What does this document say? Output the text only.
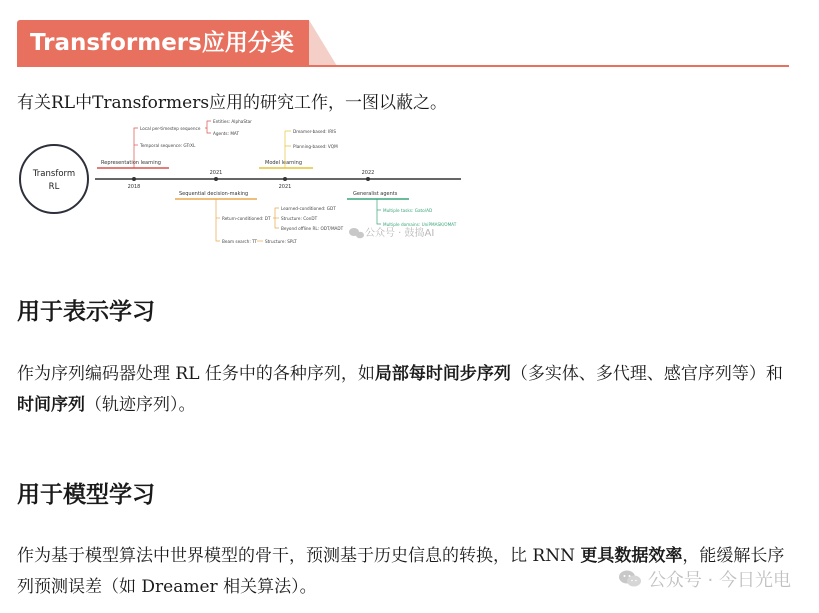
Transformers应用分类
有关RL中Transformers应用的研究工作，一图以蔽之。
Transform
RL	2018
2021
2021
2022
Representation learning
Local per-timestep sequence
Temporal sequence: GTrXL
Entities: AlphaStar
Agents: MAT
Sequential decision-making
Return-conditioned: DT
Beam search: TT
Learned-conditioned: GDT
Structure: ConDT
Beyond offline RL: ODT/MADT
Structure: SPLT
Model learning
Dreamer-based: IRIS
Planning-based: VQM
Generalist agents
Multiple tasks: Gato/AD
Multiple domains: UniPMASK/OMAT
公众号 · 鼓捣AI
用于表示学习
作为序列编码器处理 RL 任务中的各种序列，如局部每时间步序列（多实体、多代理、感官序列等）和时间序列（轨迹序列）。
用于模型学习
作为基于模型算法中世界模型的骨干，预测基于历史信息的转换，比 RNN 更具数据效率，能缓解长序列预测误差（如 Dreamer 相关算法）。	公众号 · 今日光电
